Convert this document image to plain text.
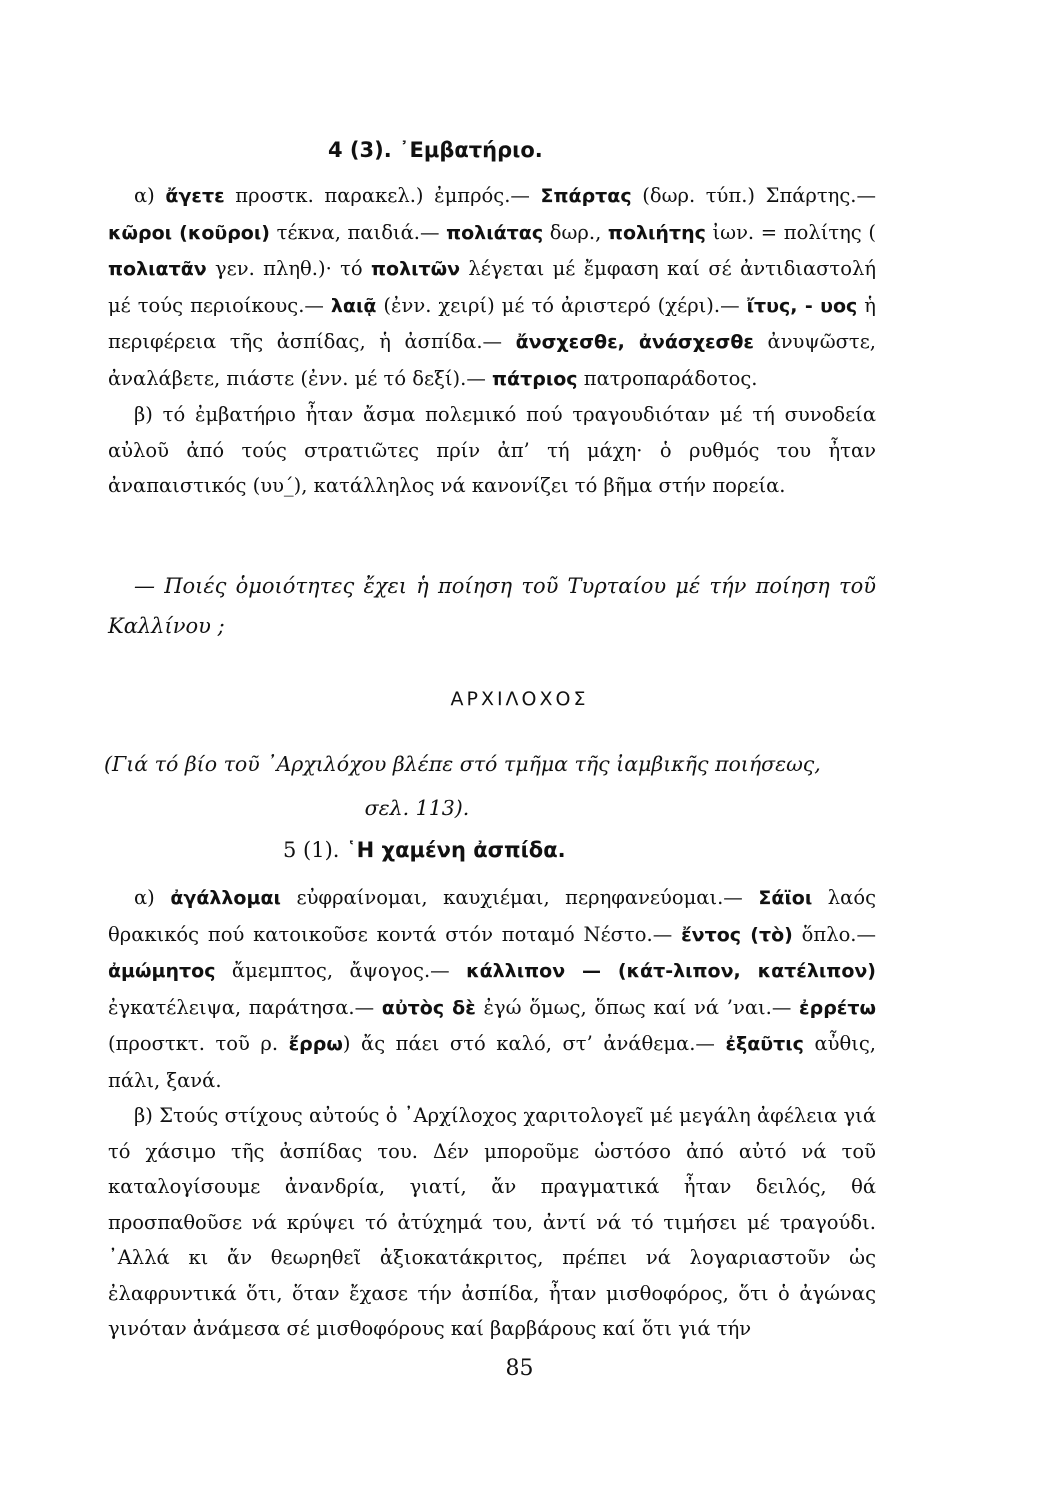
4 (3). ᾿Εμβατήριο.

α) ἄγετε προστκ. παρακελ.) ἐμπρός.— Σπάρτας (δωρ. τύπ.) Σπάρτης.— κῶροι (κοῦροι) τέκνα, παιδιά.— πολιάτας δωρ., πολιήτης ἰων. = πολίτης ( πολιατᾶν γεν. πληθ.)· τό πολιτῶν λέγεται μέ ἔμφαση καί σέ ἀντιδιαστολή μέ τούς περιοίκους.— λαιᾷ (ἐνν. χειρί) μέ τό ἀριστερό (χέρι).— ἴτυς, - υος ἡ περιφέρεια τῆς ἀσπίδας, ἡ ἀσπίδα.— ἄνσχεσθε, ἀνάσχεσθε ἀνυψῶστε, ἀναλάβετε, πιάστε (ἐνν. μέ τό δεξί).— πάτριος πατροπαράδοτος.

β) τό ἐμβατήριο ἦταν ἄσμα πολεμικό πού τραγουδιόταν μέ τή συνοδεία αὐλοῦ ἀπό τούς στρατιῶτες πρίν ἀπ’ τή μάχη· ὁ ρυθμός του ἦταν ἀναπαιστικός (υυ_́), κατάλληλος νά κανονίζει τό βῆμα στήν πορεία.

— Ποιές ὁμοιότητες ἔχει ἡ ποίηση τοῦ Τυρταίου μέ τήν ποίηση τοῦ Καλλίνου ;

ΑΡΧΙΛΟΧΟΣ
(Γιά τό βίο τοῦ ᾿Αρχιλόχου βλέπε στό τμῆμα τῆς ἰαμβικῆς ποιήσεως,
σελ. 113).
5 (1). ῾Η χαμένη ἀσπίδα.

α) ἀγάλλομαι εὐφραίνομαι, καυχιέμαι, περηφανεύομαι.— Σάϊοι λαός θρακικός πού κατοικοῦσε κοντά στόν ποταμό Νέστο.— ἔντος (τὸ) ὅπλο.— ἀμώμητος ἄμεμπτος, ἄψογος.— κάλλιπον — (κάτ-λιπον, κατέλιπον) ἐγκατέλειψα, παράτησα.— αὐτὸς δὲ ἐγώ ὅμως, ὅπως καί νά ’ναι.— ἐρρέτω (προστκτ. τοῦ ρ. ἔρρω) ἄς πάει στό καλό, στ’ ἀνάθεμα.— ἐξαῦτις αὖθις, πάλι, ξανά.

β) Στούς στίχους αὐτούς ὁ ᾿Αρχίλοχος χαριτολογεῖ μέ μεγάλη ἀφέλεια γιά τό χάσιμο τῆς ἀσπίδας του. Δέν μποροῦμε ὡστόσο ἀπό αὐτό νά τοῦ καταλογίσουμε ἀνανδρία, γιατί, ἄν πραγματικά ἦταν δειλός, θά προσπαθοῦσε νά κρύψει τό ἀτύχημά του, ἀντί νά τό τιμήσει μέ τραγούδι. ᾿Αλλά κι ἄν θεωρηθεῖ ἀξιοκατάκριτος, πρέπει νά λογαριαστοῦν ὡς ἐλαφρυντικά ὅτι, ὅταν ἔχασε τήν ἀσπίδα, ἦταν μισθοφόρος, ὅτι ὁ ἀγώνας γινόταν ἀνάμεσα σέ μισθοφόρους καί βαρβάρους καί ὅτι γιά τήν

85
